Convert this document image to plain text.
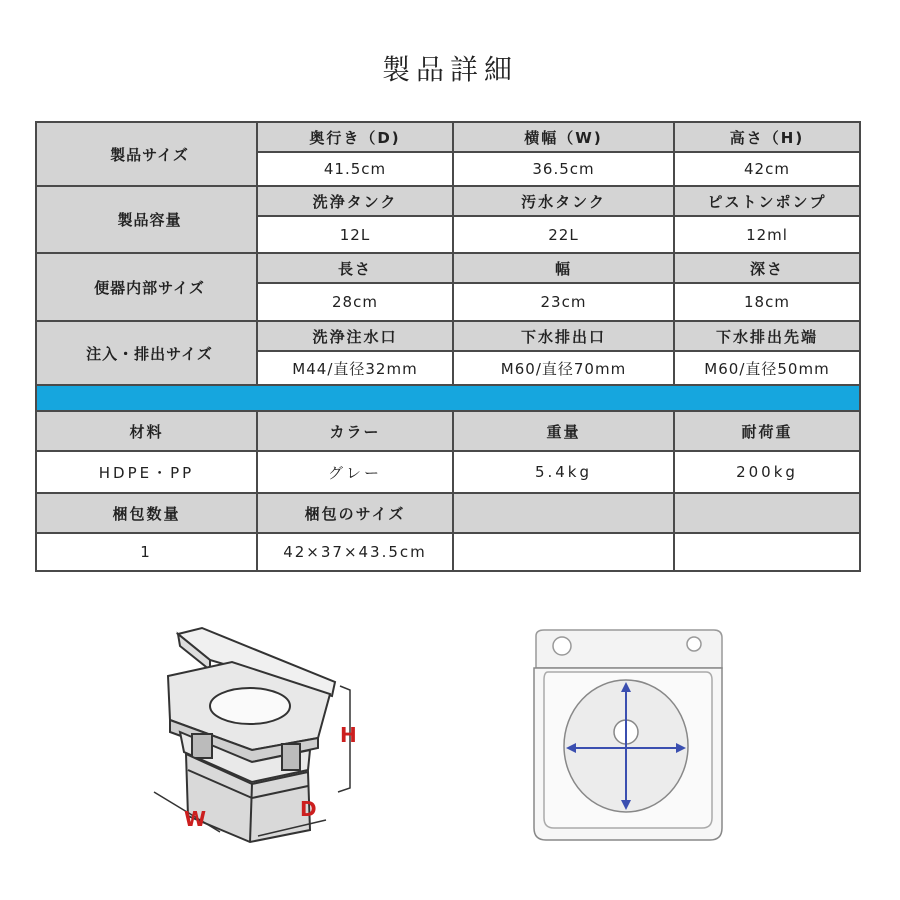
製品詳細
製品サイズ	奥行き（D)	横幅（W)	高さ（H)
	41.5cm	36.5cm	42cm
製品容量	洗浄タンク	汚水タンク	ピストンポンプ
	12L	22L	12ml
便器内部サイズ	長さ	幅	深さ
	28cm	23cm	18cm
注入・排出サイズ	洗浄注水口	下水排出口	下水排出先端
	M44/直径32mm	M60/直径70mm	M60/直径50mm

材料	カラー	重量	耐荷重
HDPE・PP	グレー	5.4kg	200kg
梱包数量	梱包のサイズ		
1	42×37×43.5cm		
H
W	D
